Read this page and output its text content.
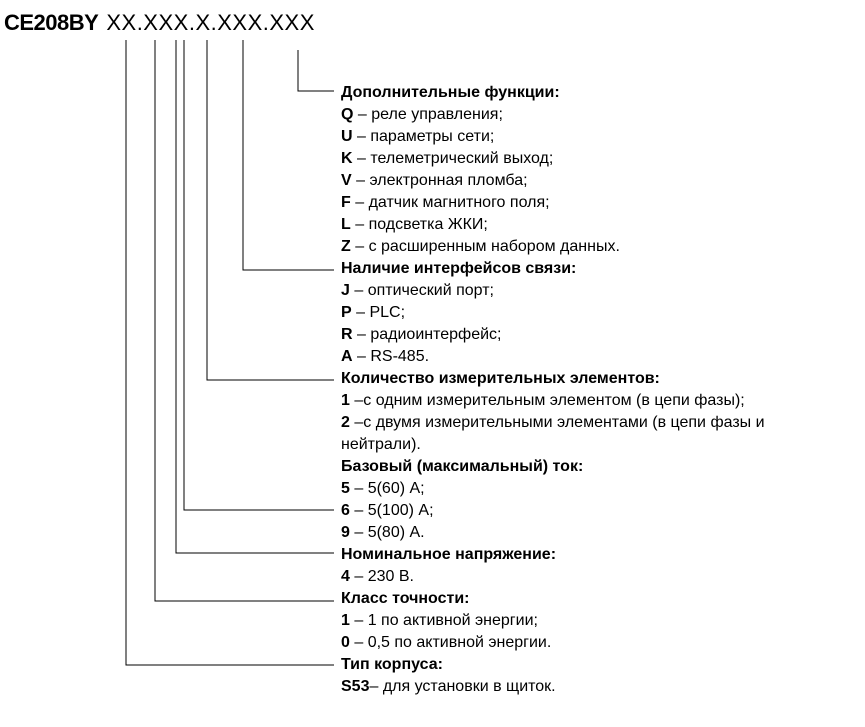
CE208BY XX.XXX.X.XXX.XXX
Дополнительные функции:
Q – реле управления;
U – параметры сети;
K – телеметрический выход;
V – электронная пломба;
F – датчик магнитного поля;
L – подсветка ЖКИ;
Z – с расширенным набором данных.
Наличие интерфейсов связи:
J – оптический порт;
P – PLC;
R – радиоинтерфейс;
A – RS-485.
Количество измерительных элементов:
1 –с одним измерительным элементом (в цепи фазы);
2 –с двумя измерительными элементами (в цепи фазы и
нейтрали).
Базовый (максимальный) ток:
5 – 5(60) А;
6 – 5(100) А;
9 – 5(80) А.
Номинальное напряжение:
4 – 230 В.
Класс точности:
1 – 1 по активной энергии;
0 – 0,5 по активной энергии.
Тип корпуса:
S53– для установки в щиток.
